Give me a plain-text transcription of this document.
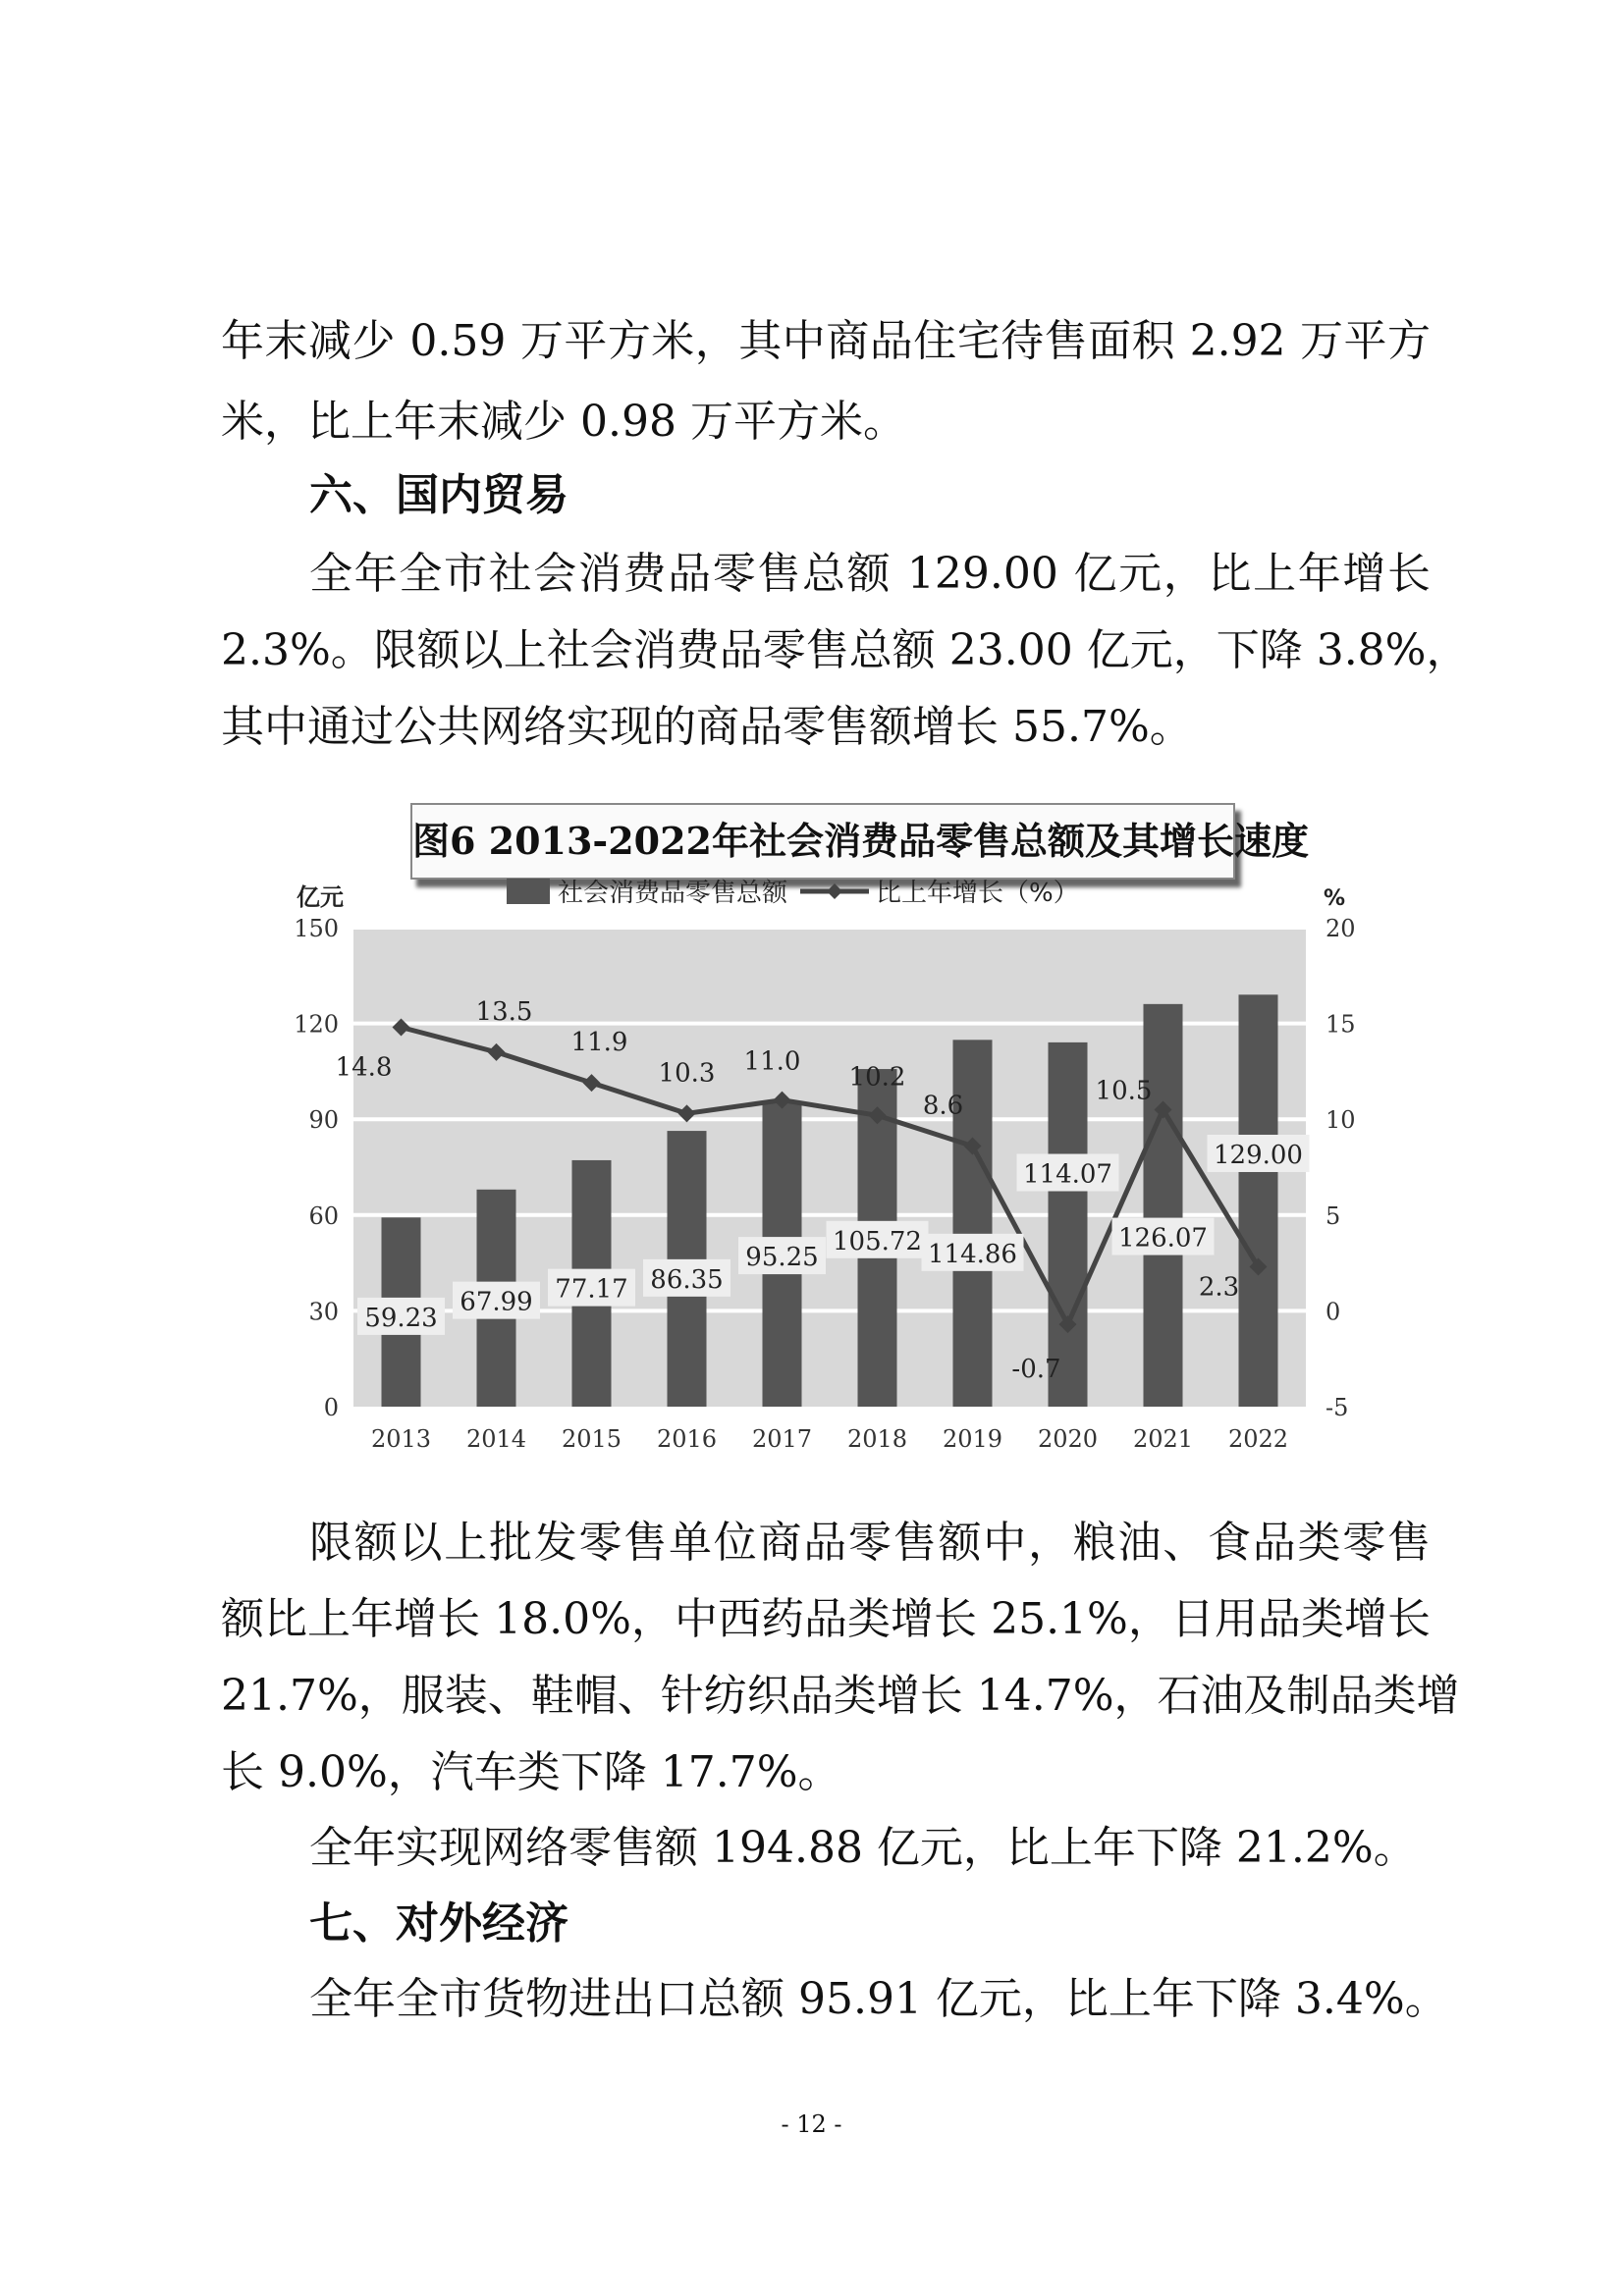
年末减少 0.59 万平方米，其中商品住宅待售面积 2.92 万平方
米，比上年末减少 0.98 万平方米。
六、国内贸易
全年全市社会消费品零售总额 129.00 亿元，比上年增长
2.3%。限额以上社会消费品零售总额 23.00 亿元，下降 3.8%，
其中通过公共网络实现的商品零售额增长 55.7%。
图6 2013-2022年社会消费品零售总额及其增长速度
0
30
60
90
120
150
-5
0
5
10
15
20
亿元	%
社会消费品零售总额	比上年增长（%）
2013 2014 2015 2016 2017 2018 2019 2020 2021 2022
59.23
67.99 77.17 86.35
95.25
105.72 114.86
114.07
126.07
129.00
14.8
13.5
11.9
10.3 11.0
10.2
8.6
-0.7
10.5
2.3
限额以上批发零售单位商品零售额中，粮油、食品类零售
额比上年增长 18.0%，中西药品类增长 25.1%，日用品类增长
21.7%，服装、鞋帽、针纺织品类增长 14.7%，石油及制品类增
长 9.0%，汽车类下降 17.7%。
全年实现网络零售额 194.88 亿元，比上年下降 21.2%。
七、对外经济
全年全市货物进出口总额 95.91 亿元，比上年下降 3.4%。
- 12 -
